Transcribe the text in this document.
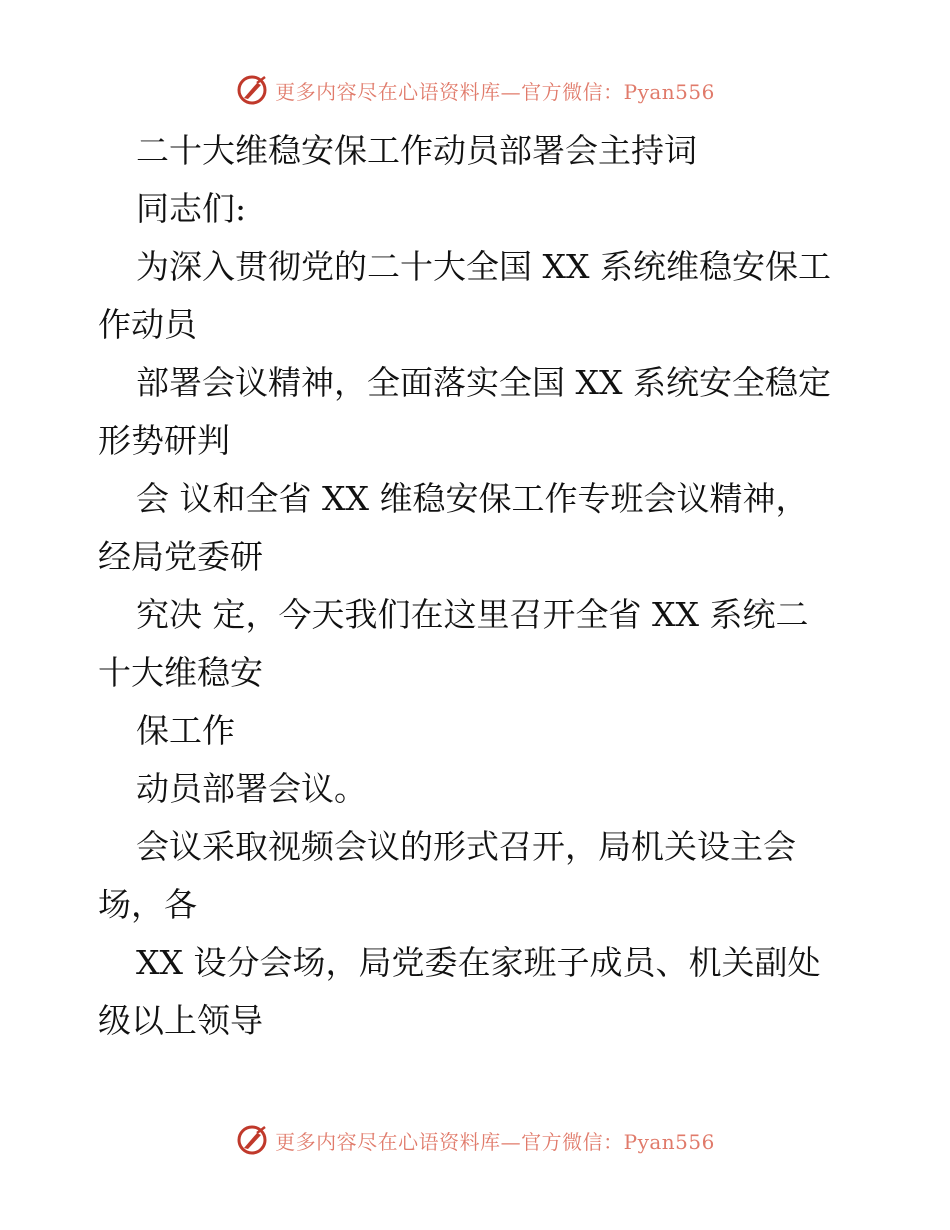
更多内容尽在心语资料库—官方微信：Pyan556
二十大维稳安保工作动员部署会主持词
同志们:
为深入贯彻党的二十大全国 XX 系统维稳安保工
作动员
部署会议精神，全面落实全国 XX 系统安全稳定
形势研判
会 议和全省 XX 维稳安保工作专班会议精神，
经局党委研
究决 定，今天我们在这里召开全省 XX 系统二
十大维稳安
保工作
动员部署会议。
会议采取视频会议的形式召开，局机关设主会
场，各
XX 设分会场，局党委在家班子成员、机关副处
级以上领导
更多内容尽在心语资料库—官方微信：Pyan556
